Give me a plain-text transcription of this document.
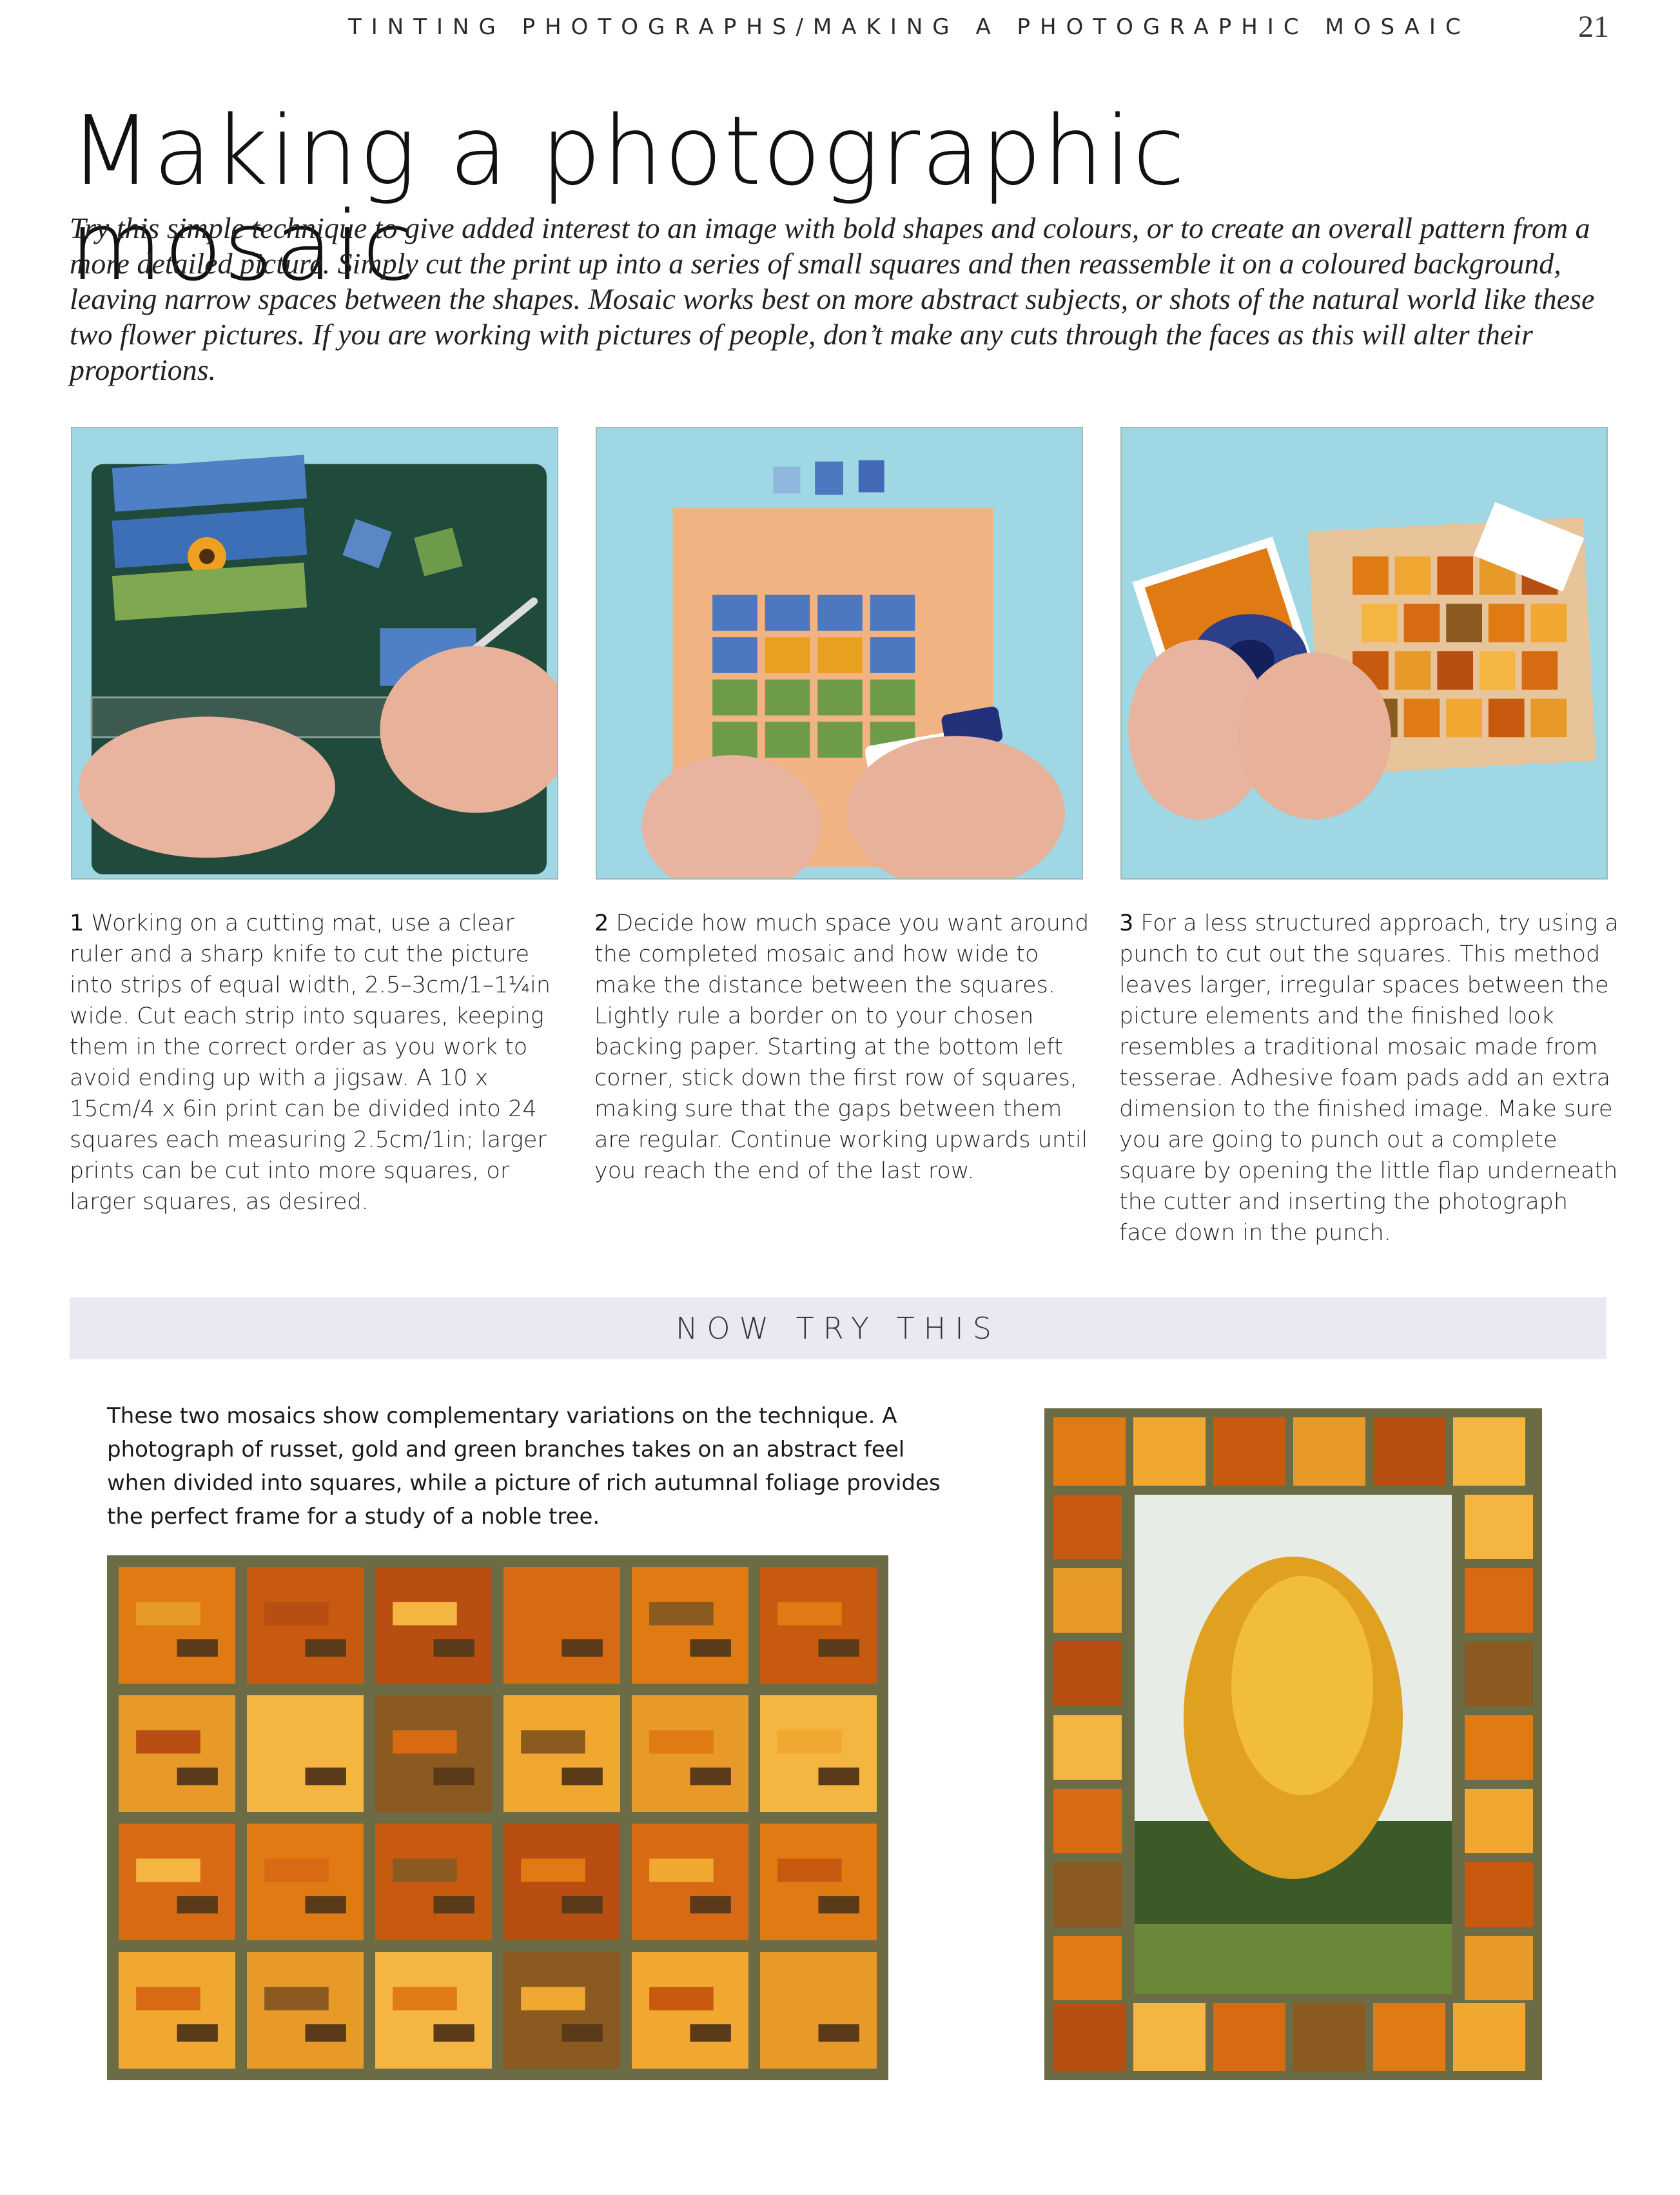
TINTING PHOTOGRAPHS/MAKING A PHOTOGRAPHIC MOSAIC	21
Making a photographic mosaic

Try this simple technique to give added interest to an image with bold shapes and colours, or to create an overall pattern from a more detailed picture. Simply cut the print up into a series of small squares and then reassemble it on a coloured background, leaving narrow spaces between the shapes. Mosaic works best on more abstract subjects, or shots of the natural world like these two flower pictures. If you are working with pictures of people, don’t make any cuts through the faces as this will alter their proportions.

1 Working on a cutting mat, use a clear ruler and a sharp knife to cut the picture into strips of equal width, 2.5–3cm/1–1¼in wide. Cut each strip into squares, keeping them in the correct order as you work to avoid ending up with a jigsaw. A 10 x 15cm/4 x 6in print can be divided into 24 squares each measuring 2.5cm/1in; larger prints can be cut into more squares, or larger squares, as desired.

2 Decide how much space you want around the completed mosaic and how wide to make the distance between the squares. Lightly rule a border on to your chosen backing paper. Starting at the bottom left corner, stick down the first row of squares, making sure that the gaps between them are regular. Continue working upwards until you reach the end of the last row.

3 For a less structured approach, try using a punch to cut out the squares. This method leaves larger, irregular spaces between the picture elements and the finished look resembles a traditional mosaic made from tesserae. Adhesive foam pads add an extra dimension to the finished image. Make sure you are going to punch out a complete square by opening the little flap underneath the cutter and inserting the photograph face down in the punch.

NOW TRY THIS

These two mosaics show complementary variations on the technique. A photograph of russet, gold and green branches takes on an abstract feel when divided into squares, while a picture of rich autumnal foliage provides the perfect frame for a study of a noble tree.
